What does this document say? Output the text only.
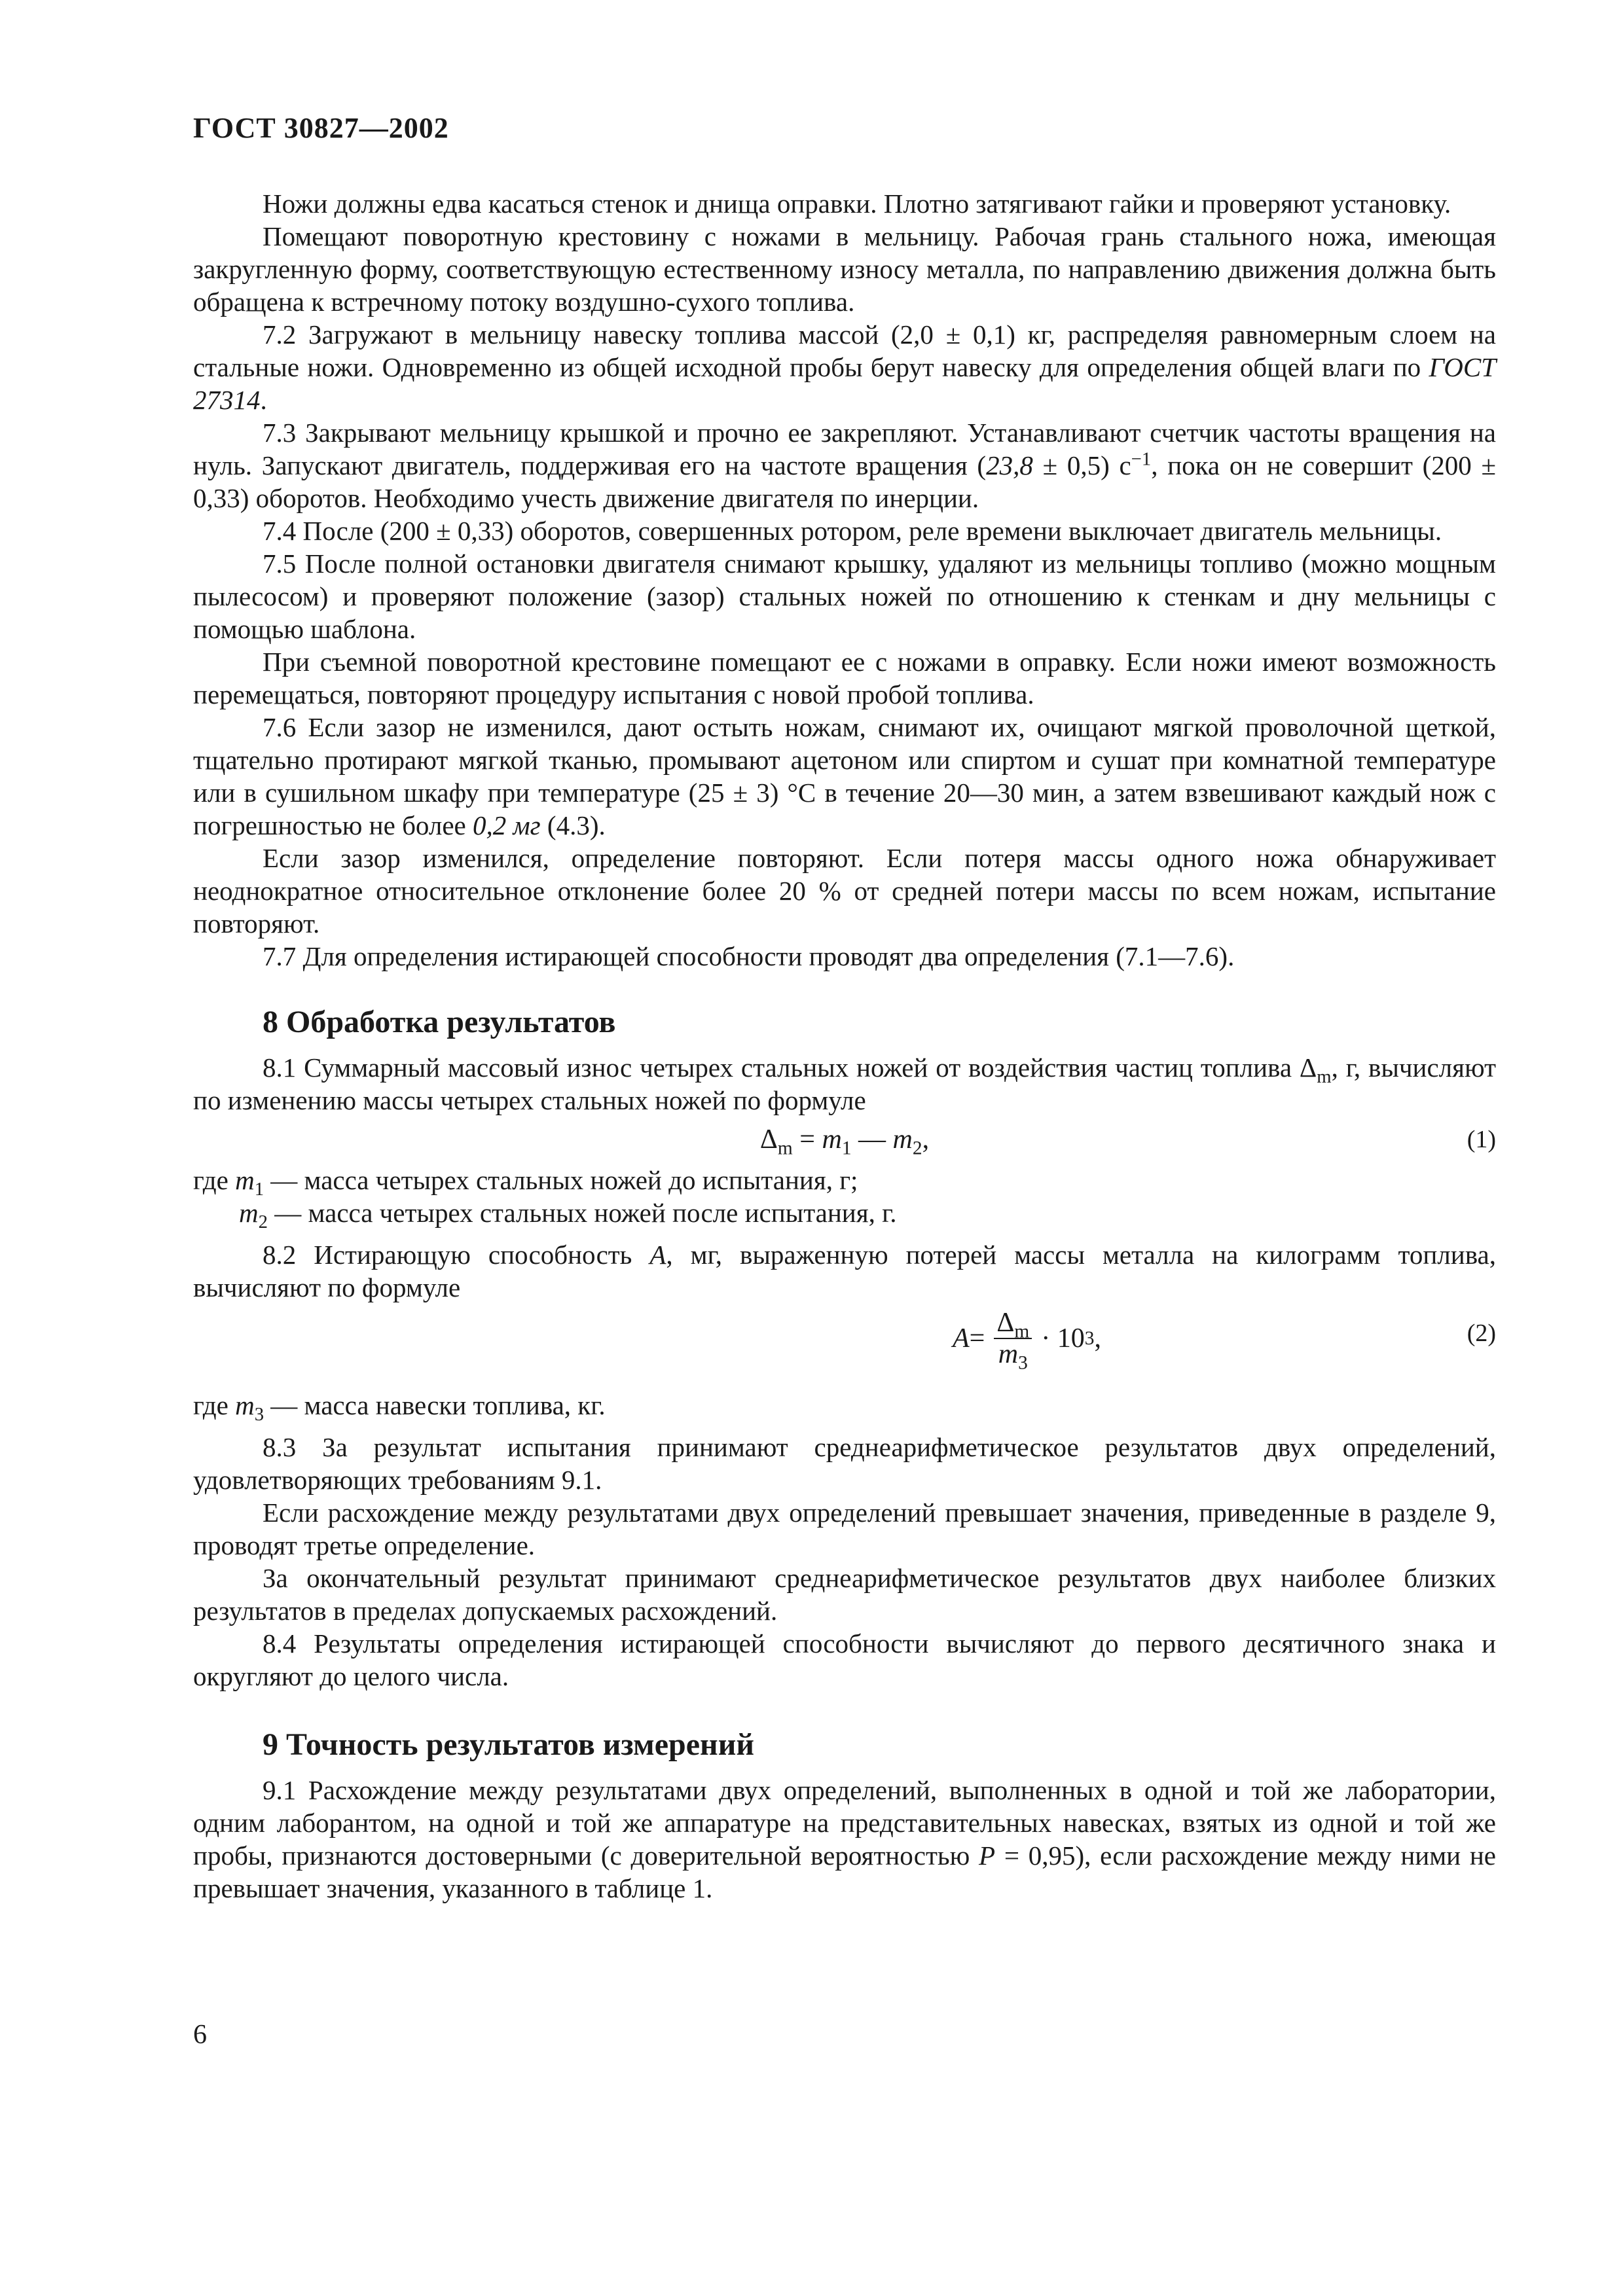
ГОСТ 30827—2002

Ножи должны едва касаться стенок и днища оправки. Плотно затягивают гайки и проверяют установку.

Помещают поворотную крестовину с ножами в мельницу. Рабочая грань стального ножа, имеющая закругленную форму, соответствующую естественному износу металла, по направлению движения должна быть обращена к встречному потоку воздушно-сухого топлива.

7.2 Загружают в мельницу навеску топлива массой (2,0 ± 0,1) кг, распределяя равномерным слоем на стальные ножи. Одновременно из общей исходной пробы берут навеску для определения общей влаги по ГОСТ 27314.

7.3 Закрывают мельницу крышкой и прочно ее закрепляют. Устанавливают счетчик частоты вращения на нуль. Запускают двигатель, поддерживая его на частоте вращения (23,8 ± 0,5) $с^{-1}$, пока он не совершит (200 ± 0,33) оборотов. Необходимо учесть движение двигателя по инерции.

7.4 После (200 ± 0,33) оборотов, совершенных ротором, реле времени выключает двигатель мельницы.

7.5 После полной остановки двигателя снимают крышку, удаляют из мельницы топливо (можно мощным пылесосом) и проверяют положение (зазор) стальных ножей по отношению к стенкам и дну мельницы с помощью шаблона.

При съемной поворотной крестовине помещают ее с ножами в оправку. Если ножи имеют возможность перемещаться, повторяют процедуру испытания с новой пробой топлива.

7.6 Если зазор не изменился, дают остыть ножам, снимают их, очищают мягкой проволочной щеткой, тщательно протирают мягкой тканью, промывают ацетоном или спиртом и сушат при комнатной температуре или в сушильном шкафу при температуре (25 ± 3) °С в течение 20—30 мин, а затем взвешивают каждый нож с погрешностью не более 0,2 мг (4.3).

Если зазор изменился, определение повторяют. Если потеря массы одного ножа обнаруживает неоднократное относительное отклонение более 20 % от средней потери массы по всем ножам, испытание повторяют.

7.7 Для определения истирающей способности проводят два определения (7.1—7.6).

8 Обработка результатов

8.1 Суммарный массовый износ четырех стальных ножей от воздействия частиц топлива $\Delta_m$, г, вычисляют по изменению массы четырех стальных ножей по формуле

$\Delta_m = m_1$ — $m_2$,	(1)

где $m_1$ — масса четырех стальных ножей до испытания, г;

$m_2$ — масса четырех стальных ножей после испытания, г.

8.2 Истирающую способность A, мг, выраженную потерей массы металла на килограмм топлива, вычисляют по формуле

$A = \frac{\Delta_m}{m_3} \cdot 10$ 3 ,	(2)

где $m_3$ — масса навески топлива, кг.

8.3 За результат испытания принимают среднеарифметическое результатов двух определений, удовлетворяющих требованиям 9.1.

Если расхождение между результатами двух определений превышает значения, приведенные в разделе 9, проводят третье определение.

За окончательный результат принимают среднеарифметическое результатов двух наиболее близких результатов в пределах допускаемых расхождений.

8.4 Результаты определения истирающей способности вычисляют до первого десятичного знака и округляют до целого числа.

9 Точность результатов измерений

9.1 Расхождение между результатами двух определений, выполненных в одной и той же лаборатории, одним лаборантом, на одной и той же аппаратуре на представительных навесках, взятых из одной и той же пробы, признаются достоверными (с доверительной вероятностью P = 0,95), если расхождение между ними не превышает значения, указанного в таблице 1.

6
